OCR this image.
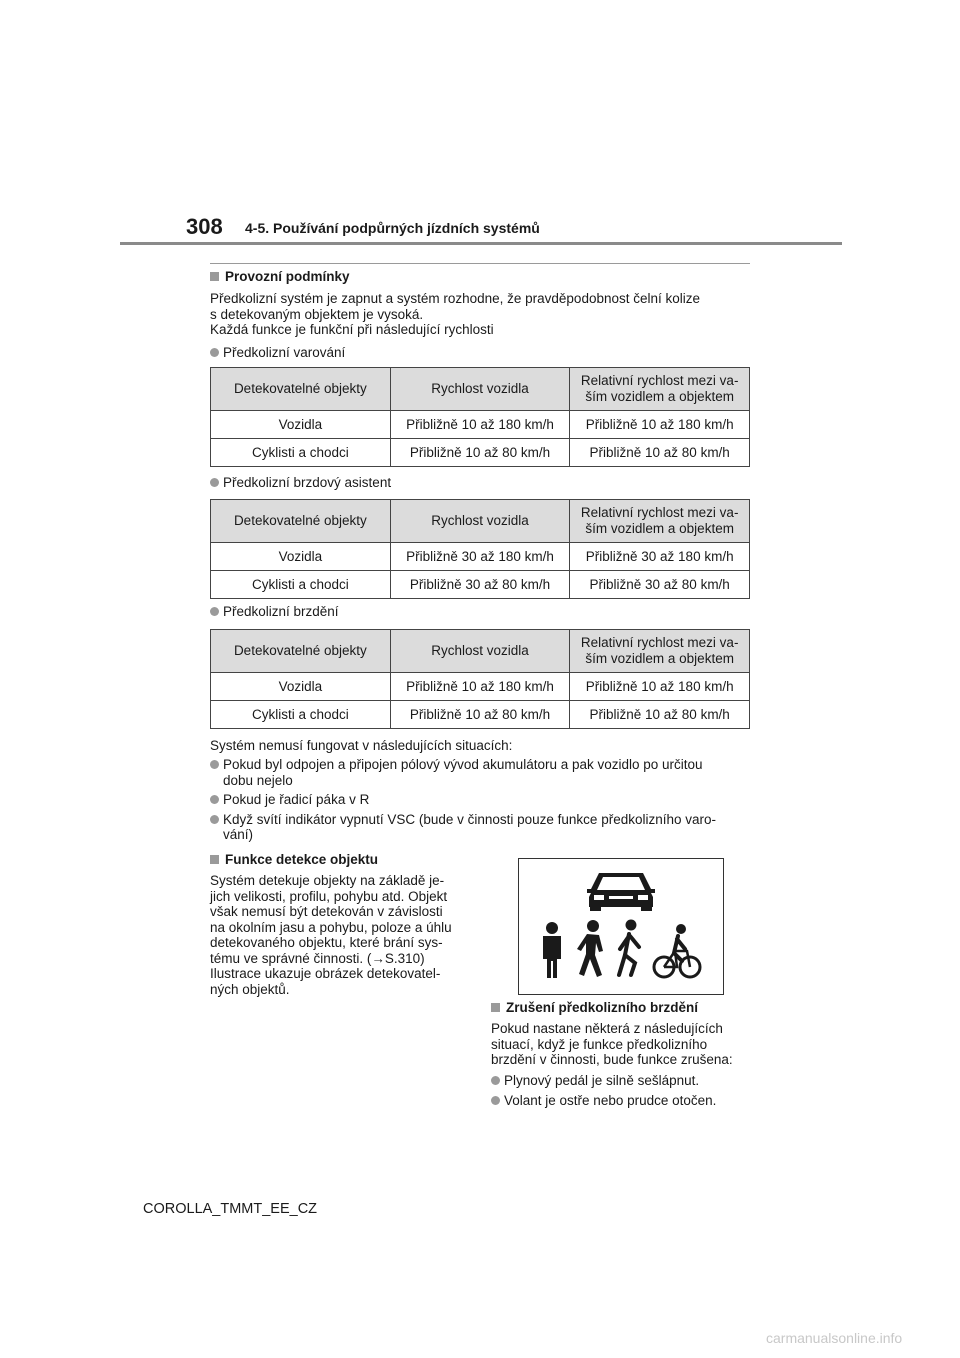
308 4-5. Používání podpůrných jízdních systémů
Provozní podmínky
Předkolizní systém je zapnut a systém rozhodne, že pravděpodobnost čelní kolize
s detekovaným objektem je vysoká.
Každá funkce je funkční při následující rychlosti
Předkolizní varování
Detekovatelné objekty	Rychlost vozidla	Relativní rychlost mezi va-
ším vozidlem a objektem
Vozidla	Přibližně 10 až 180 km/h	Přibližně 10 až 180 km/h
Cyklisti a chodci	Přibližně 10 až 80 km/h	Přibližně 10 až 80 km/h
Předkolizní brzdový asistent
Detekovatelné objekty	Rychlost vozidla	Relativní rychlost mezi va-
ším vozidlem a objektem
Vozidla	Přibližně 30 až 180 km/h	Přibližně 30 až 180 km/h
Cyklisti a chodci	Přibližně 30 až 80 km/h	Přibližně 30 až 80 km/h
Předkolizní brzdění
Detekovatelné objekty	Rychlost vozidla	Relativní rychlost mezi va-
ším vozidlem a objektem
Vozidla	Přibližně 10 až 180 km/h	Přibližně 10 až 180 km/h
Cyklisti a chodci	Přibližně 10 až 80 km/h	Přibližně 10 až 80 km/h
Systém nemusí fungovat v následujících situacích:
Pokud byl odpojen a připojen pólový vývod akumulátoru a pak vozidlo po určitou
dobu nejelo
Pokud je řadicí páka v R
Když svítí indikátor vypnutí VSC (bude v činnosti pouze funkce předkolizního varo-
vání)
Funkce detekce objektu
Systém detekuje objekty na základě je-
jich velikosti, profilu, pohybu atd. Objekt
však nemusí být detekován v závislosti
na okolním jasu a pohybu, poloze a úhlu
detekovaného objektu, které brání sys-
tému ve správné činnosti. (→S.310)
Ilustrace ukazuje obrázek detekovatel-
ných objektů.
Zrušení předkolizního brzdění
Pokud nastane některá z následujících
situací, když je funkce předkolizního
brzdění v činnosti, bude funkce zrušena:
Plynový pedál je silně sešlápnut.
Volant je ostře nebo prudce otočen.
COROLLA_TMMT_EE_CZ
carmanualsonline.info
